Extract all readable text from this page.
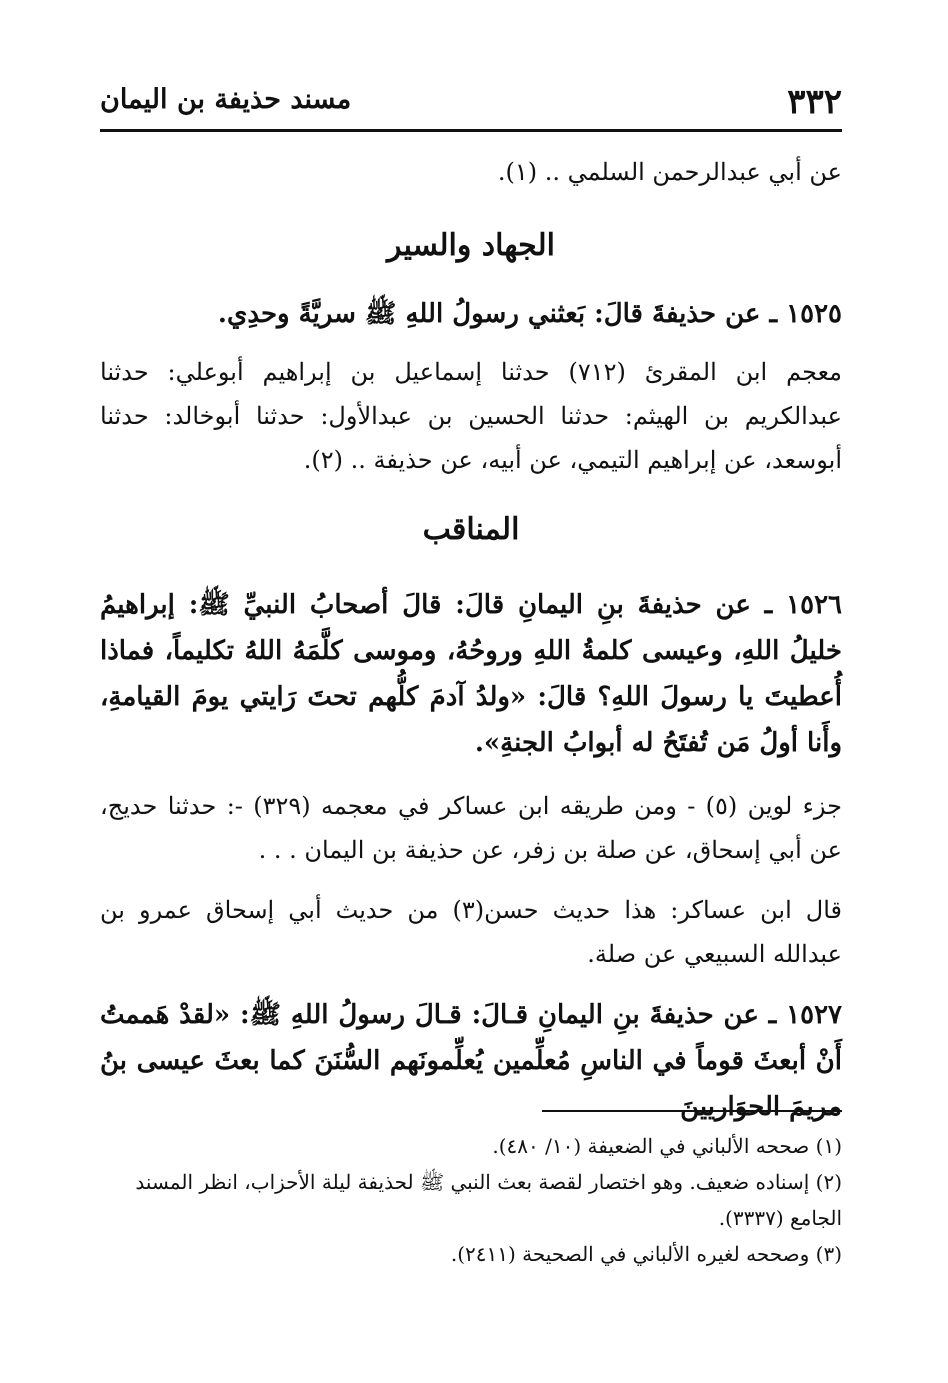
٣٣٢
مسند حذيفة بن اليمان

عن أبي عبدالرحمن السلمي .. (١).

الجهاد والسير

١٥٢٥ ـ عن حذيفةَ قالَ: بَعثني رسولُ اللهِ ﷺ سريَّةً وحدِي.

معجم ابن المقرئ (٧١٢) حدثنا إسماعيل بن إبراهيم أبوعلي: حدثنا عبدالكريم بن الهيثم: حدثنا الحسين بن عبدالأول: حدثنا أبوخالد: حدثنا أبوسعد، عن إبراهيم التيمي، عن أبيه، عن حذيفة .. (٢).

المناقب

١٥٢٦ ـ عن حذيفةَ بنِ اليمانِ قالَ: قالَ أصحابُ النبيِّ ﷺ: إبراهيمُ خليلُ اللهِ، وعيسى كلمةُ اللهِ وروحُهُ، وموسى كلَّمَهُ اللهُ تكليماً، فماذا أُعطيتَ يا رسولَ اللهِ؟ قالَ: «ولدُ آدمَ كلُّهم تحتَ رَايتي يومَ القيامةِ، وأَنا أولُ مَن تُفتَحُ له أبوابُ الجنةِ».

جزء لوين (٥) - ومن طريقه ابن عساكر في معجمه (٣٢٩) -: حدثنا حديج، عن أبي إسحاق، عن صلة بن زفر، عن حذيفة بن اليمان . . .

قال ابن عساكر: هذا حديث حسن(٣) من حديث أبي إسحاق عمرو بن عبدالله السبيعي عن صلة.

١٥٢٧ ـ عن حذيفةَ بنِ اليمانِ قـالَ: قـالَ رسولُ اللهِ ﷺ: «لقدْ هَممتُ أَنْ أبعثَ قوماً في الناسِ مُعلِّمين يُعلِّمونَهم السُّنَنَ كما بعثَ عيسى بنُ مريمَ الحوَاريينَ

(١) صححه الألباني في الضعيفة (١٠/ ٤٨٠).

(٢) إسناده ضعيف. وهو اختصار لقصة بعث النبي ﷺ لحذيفة ليلة الأحزاب، انظر المسند الجامع (٣٣٣٧).

(٣) وصححه لغيره الألباني في الصحيحة (٢٤١١).
